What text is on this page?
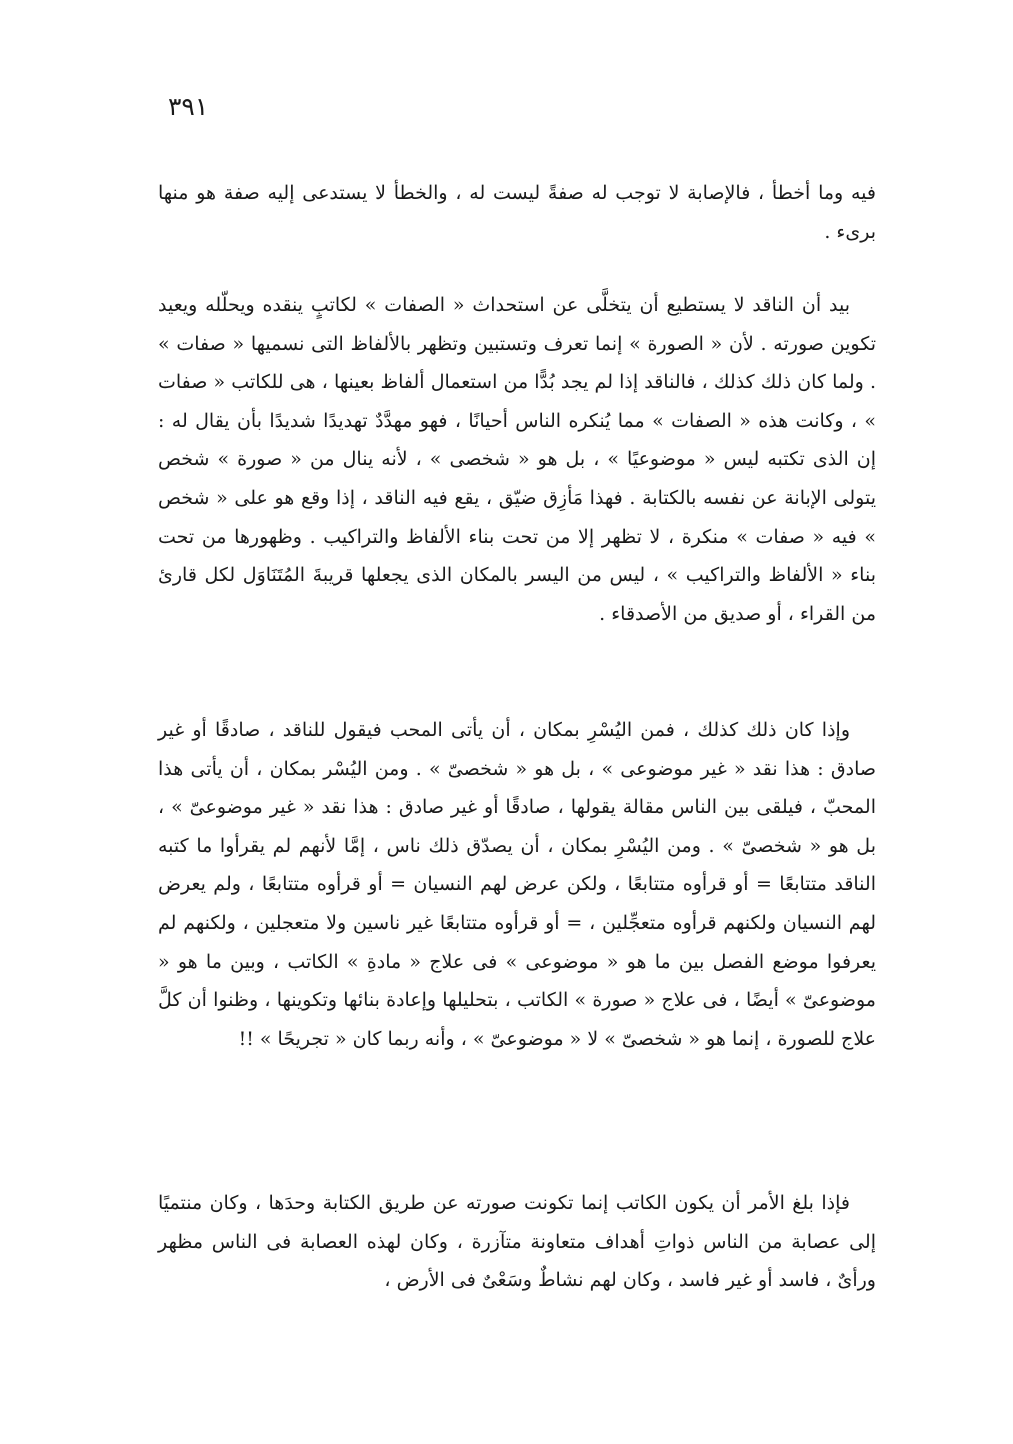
٣٩١

فيه وما أخطأ ، فالإصابة لا توجب له صفةً ليست له ، والخطأ لا يستدعى إليه صفة هو منها برىء .

بيد أن الناقد لا يستطيع أن يتخلَّى عن استحداث « الصفات » لكاتبٍ ينقده ويحلّله ويعيد تكوين صورته . لأن « الصورة » إنما تعرف وتستبين وتظهر بالألفاظ التى نسميها « صفات » . ولما كان ذلك كذلك ، فالناقد إذا لم يجد بُدًّا من استعمال ألفاظ بعينها ، هى للكاتب « صفات » ، وكانت هذه « الصفات » مما يُنكره الناس أحيانًا ، فهو مهدَّدٌ تهديدًا شديدًا بأن يقال له : إن الذى تكتبه ليس « موضوعيًا » ، بل هو « شخصى » ، لأنه ينال من « صورة » شخص يتولى الإبانة عن نفسه بالكتابة . فهذا مَأزِق ضيّق ، يقع فيه الناقد ، إذا وقع هو على « شخص » فيه « صفات » منكرة ، لا تظهر إلا من تحت بناء الألفاظ والتراكيب . وظهورها من تحت بناء « الألفاظ والتراكيب » ، ليس من اليسر بالمكان الذى يجعلها قريبةَ المُتَنَاوَل لكل قارئ من القراء ، أو صديق من الأصدقاء .

وإذا كان ذلك كذلك ، فمن اليُسْرِ بمكان ، أن يأتى المحب فيقول للناقد ، صادقًا أو غير صادق : هذا نقد « غير موضوعى » ، بل هو « شخصىّ » . ومن اليُسْر بمكان ، أن يأتى هذا المحبّ ، فيلقى بين الناس مقالة يقولها ، صادقًا أو غير صادق : هذا نقد « غير موضوعىّ » ، بل هو « شخصىّ » . ومن اليُسْرِ بمكان ، أن يصدّق ذلك ناس ، إمَّا لأنهم لم يقرأوا ما كتبه الناقد متتابعًا = أو قرأوه متتابعًا ، ولكن عرض لهم النسيان = أو قرأوه متتابعًا ، ولم يعرض لهم النسيان ولكنهم قرأوه متعجِّلين ، = أو قرأوه متتابعًا غير ناسين ولا متعجلين ، ولكنهم لم يعرفوا موضع الفصل بين ما هو « موضوعى » فى علاج « مادةِ » الكاتب ، وبين ما هو « موضوعىّ » أيضًا ، فى علاج « صورة » الكاتب ، بتحليلها وإعادة بنائها وتكوينها ، وظنوا أن كلَّ علاج للصورة ، إنما هو « شخصىّ » لا « موضوعىّ » ، وأنه ربما كان « تجريحًا » !!

فإذا بلغ الأمر أن يكون الكاتب إنما تكونت صورته عن طريق الكتابة وحدَها ، وكان منتميًا إلى عصابة من الناس ذواتِ أهداف متعاونة متآزرة ، وكان لهذه العصابة فى الناس مظهر ورأىٌ ، فاسد أو غير فاسد ، وكان لهم نشاطٌ وسَعْىٌ فى الأرض ،
